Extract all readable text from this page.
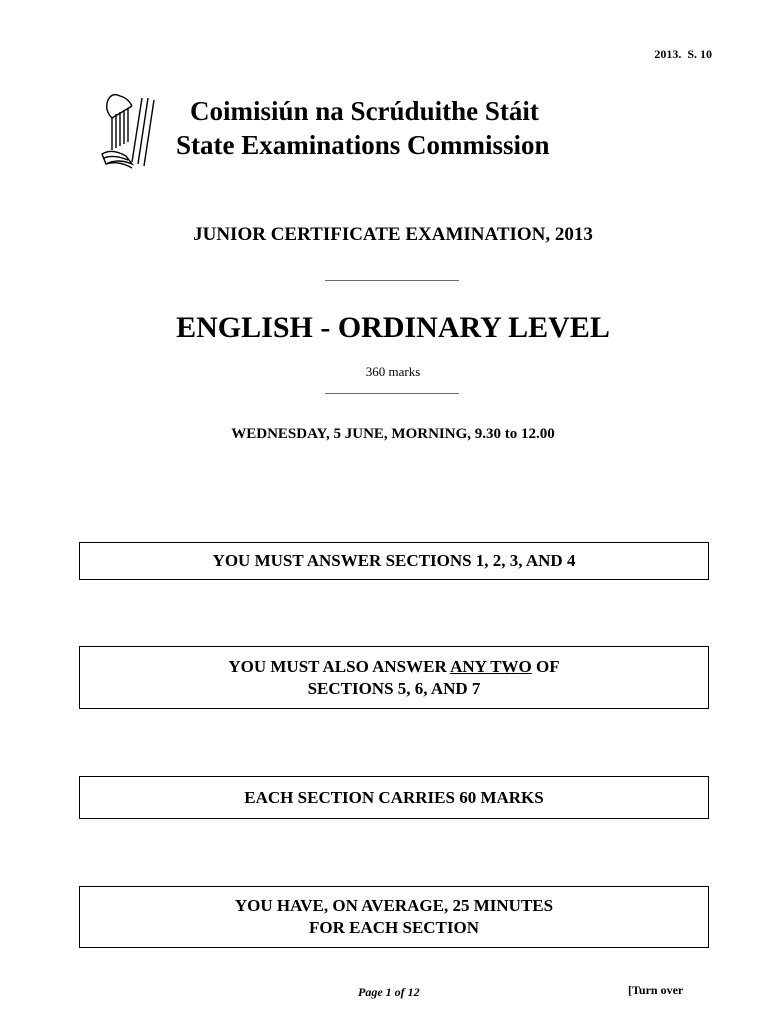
2013.  S. 10
Coimisiún na Scrúduithe Stáit
State Examinations Commission
JUNIOR CERTIFICATE EXAMINATION, 2013
ENGLISH - ORDINARY LEVEL
360 marks
WEDNESDAY, 5 JUNE, MORNING, 9.30 to 12.00
YOU MUST ANSWER SECTIONS 1, 2, 3, AND 4
YOU MUST ALSO ANSWER ANY TWO OF
SECTIONS 5, 6, AND 7
EACH SECTION CARRIES 60 MARKS
YOU HAVE, ON AVERAGE, 25 MINUTES
FOR EACH SECTION
Page 1 of 12	[Turn over
